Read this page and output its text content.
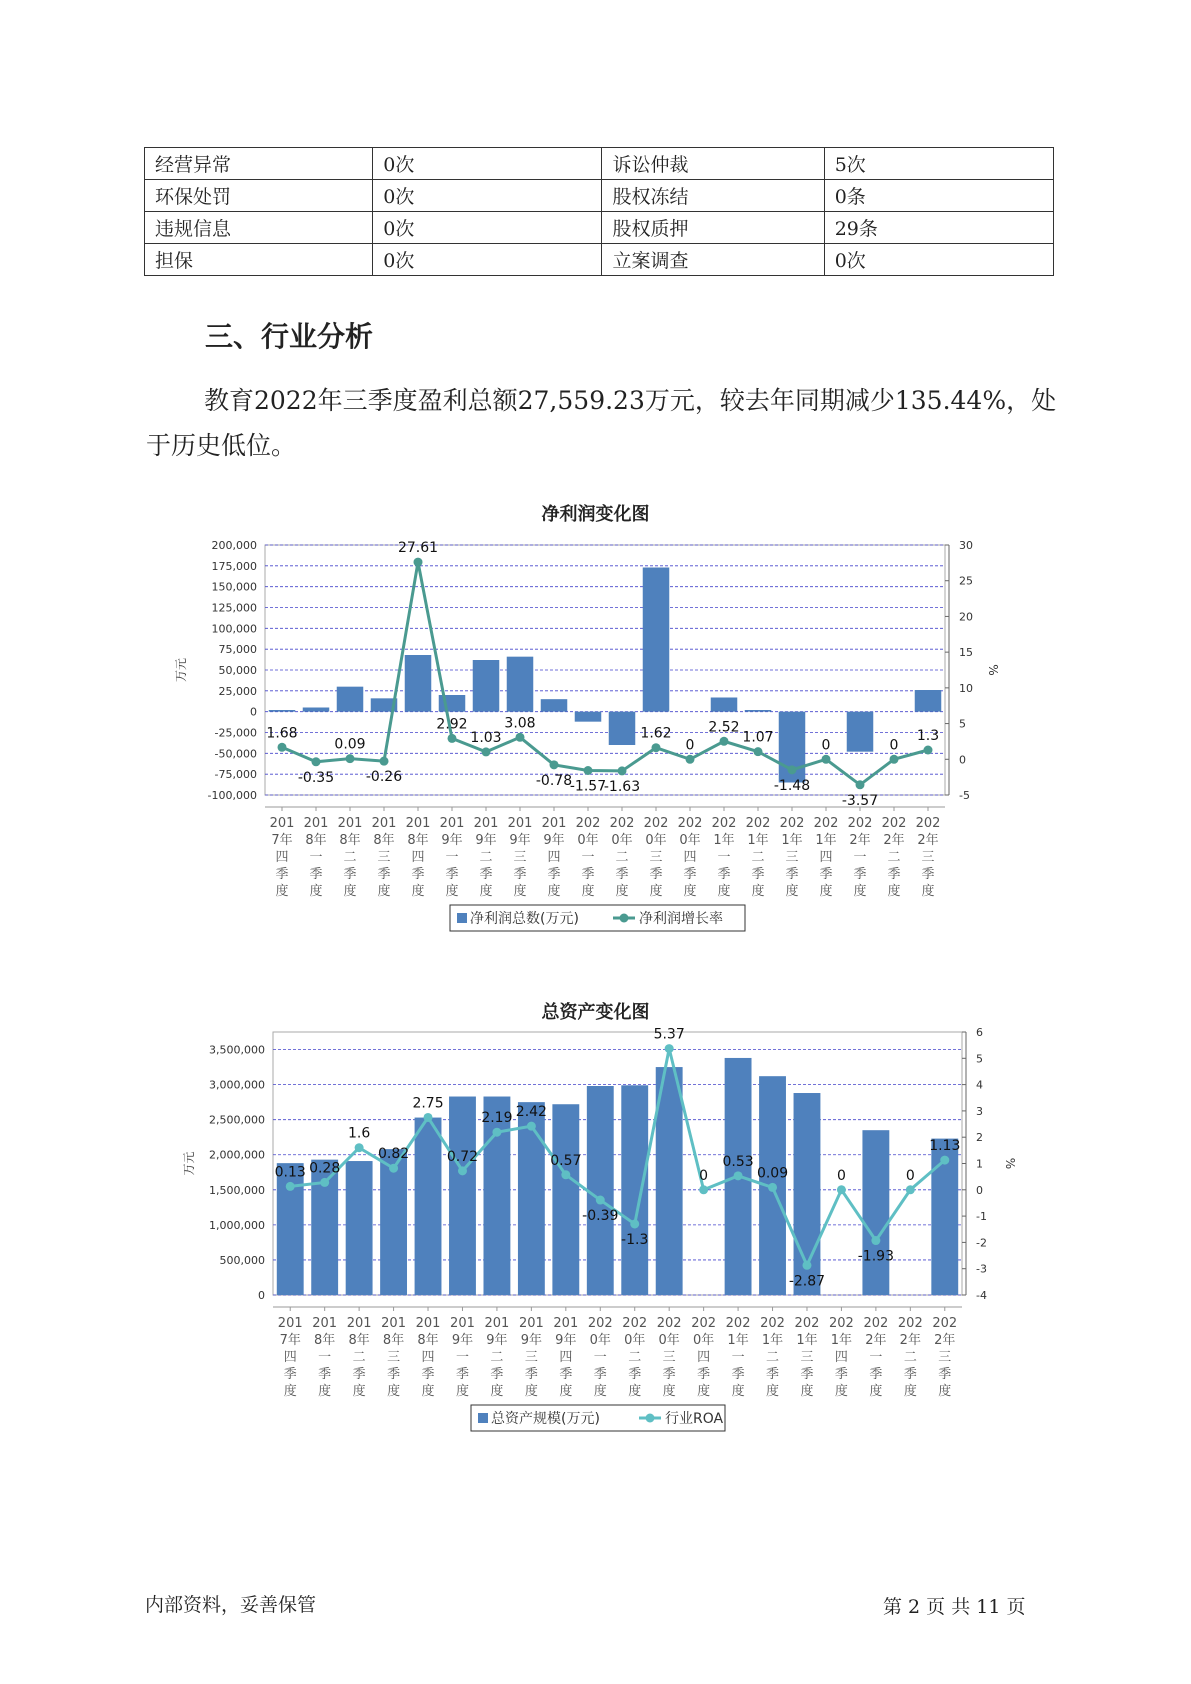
经营异常	0次	诉讼仲裁	5次
环保处罚	0次	股权冻结	0条
违规信息	0次	股权质押	29条
担保	0次	立案调查	0次
三、行业分析

教育2022年三季度盈利总额27,559.23万元，较去年同期减少135.44%，处于历史低位。

净利润变化图
200,000
175,000
150,000
125,000
100,000
75,000
50,000
25,000
0
-25,000
-50,000
-75,000
-100,000
30
25
20
15
10
5
0
-5
万元	%
1.68
-0.35
0.09
-0.26
27.61
2.92
1.03
3.08
-0.78
-1.57
-1.63
1.62
0
2.52
1.07
-1.48
0
-3.57
0
1.3
201
7年
四
季
度
201
8年
一
季
度
201
8年
二
季
度
201
8年
三
季
度
201
8年
四
季
度
201
9年
一
季
度
201
9年
二
季
度
201
9年
三
季
度
201
9年
四
季
度
202
0年
一
季
度
202
0年
二
季
度
202
0年
三
季
度
202
0年
四
季
度
202
1年
一
季
度
202
1年
二
季
度
202
1年
三
季
度
202
1年
四
季
度
202
2年
一
季
度
202
2年
二
季
度
202
2年
三
季
度
净利润总数(万元)	净利润增长率
总资产变化图
3,500,000
3,000,000
2,500,000
2,000,000
1,500,000
1,000,000
500,000
0
6
5
4
3
2
1
0
-1
-2
-3
-4
万元	%
0.13 0.28
1.6
0.82
2.75
0.72
2.19 2.42
0.57
-0.39
-1.3
5.37
0
0.53
0.09
-2.87
0
-1.93
0
1.13
201
7年
四
季
度
201
8年
一
季
度
201
8年
二
季
度
201
8年
三
季
度
201
8年
四
季
度
201
9年
一
季
度
201
9年
二
季
度
201
9年
三
季
度
201
9年
四
季
度
202
0年
一
季
度
202
0年
二
季
度
202
0年
三
季
度
202
0年
四
季
度
202
1年
一
季
度
202
1年
二
季
度
202
1年
三
季
度
202
1年
四
季
度
202
2年
一
季
度
202
2年
二
季
度
202
2年
三
季
度
总资产规模(万元)	行业ROA
内部资料，妥善保管	第 2 页 共 11 页
